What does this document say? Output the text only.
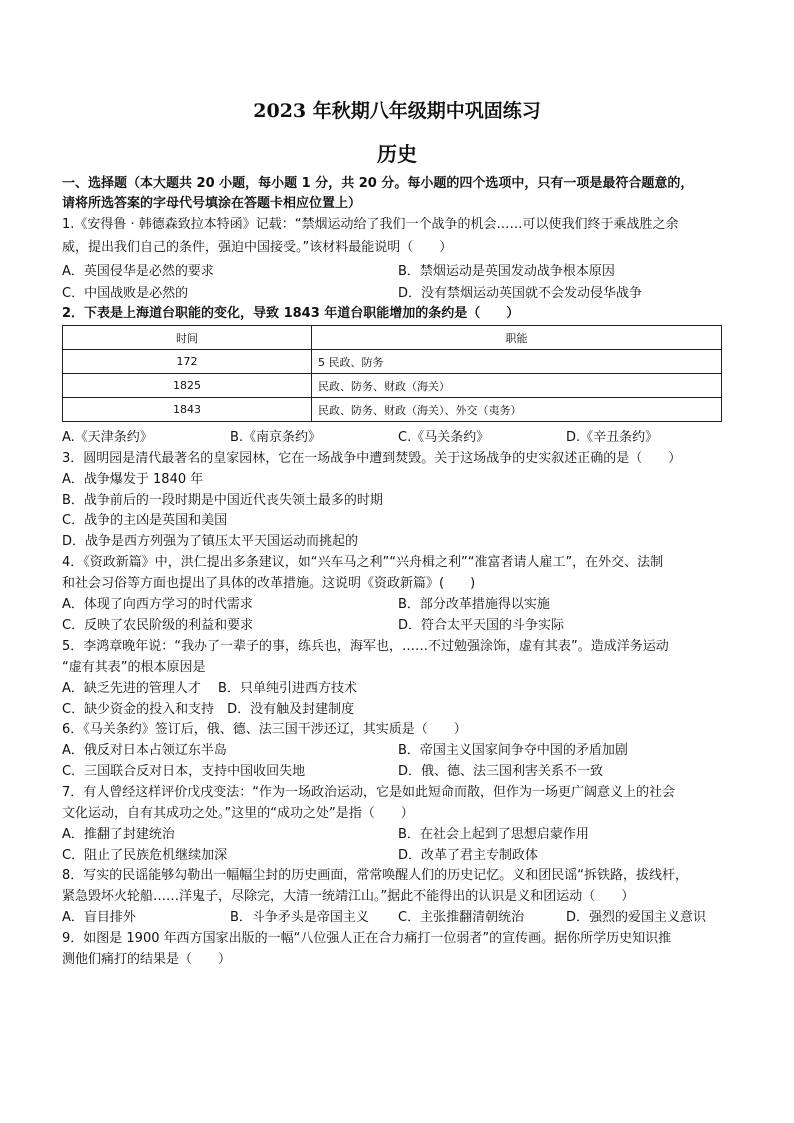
2023 年秋期八年级期中巩固练习
历史
一、选择题（本大题共 20 小题，每小题 1 分，共 20 分。每小题的四个选项中，只有一项是最符合题意的，
请将所选答案的字母代号填涂在答题卡相应位置上）
1.《安得鲁 · 韩德森致拉本特函》记载：“禁烟运动给了我们一个战争的机会……可以使我们终于乘战胜之余
威，提出我们自己的条件，强迫中国接受。”该材料最能说明（　　）
A．英国侵华是必然的要求	B．禁烟运动是英国发动战争根本原因
C．中国战败是必然的	D．没有禁烟运动英国就不会发动侵华战争
2．下表是上海道台职能的变化，导致 1843 年道台职能增加的条约是（　　）
时间	职能
172	5 民政、防务
1825	民政、防务、财政（海关）
1843	民政、防务、财政（海关）、外交（夷务）
A.《天津条约》	B.《南京条约》	C.《马关条约》	D.《辛丑条约》
3．圆明园是清代最著名的皇家园林，它在一场战争中遭到焚毁。关于这场战争的史实叙述正确的是（　　）
A．战争爆发于 1840 年
B．战争前后的一段时期是中国近代丧失领土最多的时期
C．战争的主凶是英国和美国
D．战争是西方列强为了镇压太平天国运动而挑起的
4．《资政新篇》中，洪仁提出多条建议，如“兴车马之利”“兴舟楫之利”“准富者请人雇工”，在外交、法制
和社会习俗等方面也提出了具体的改革措施。这说明《资政新篇》(　　)
A．体现了向西方学习的时代需求	B．部分改革措施得以实施
C．反映了农民阶级的利益和要求	D．符合太平天国的斗争实际
5．李鸿章晚年说：“我办了一辈子的事，练兵也，海军也，……不过勉强涂饰，虚有其表”。造成洋务运动
“虚有其表”的根本原因是
A．缺乏先进的管理人才　 B．只单纯引进西方技术
C．缺少资金的投入和支持　D．没有触及封建制度
6．《马关条约》签订后，俄、德、法三国干涉还辽，其实质是（　　）
A．俄反对日本占领辽东半岛	B．帝国主义国家间争夺中国的矛盾加剧
C．三国联合反对日本，支持中国收回失地	D．俄、德、法三国利害关系不一致
7．有人曾经这样评价戊戌变法：“作为一场政治运动，它是如此短命而散，但作为一场更广阔意义上的社会
文化运动，自有其成功之处。”这里的“成功之处”是指（　　）
A．推翻了封建统治	B．在社会上起到了思想启蒙作用
C．阻止了民族危机继续加深	D．改革了君主专制政体
8．写实的民谣能够勾勒出一幅幅尘封的历史画面，常常唤醒人们的历史记忆。义和团民谣“拆铁路，拔线杆，
紧急毁坏火轮船……洋鬼子，尽除完，大清一统靖江山。”据此不能得出的认识是义和团运动（　　）
A．盲目排外	B．斗争矛头是帝国主义 C．主张推翻清朝统治	D．强烈的爱国主义意识
9．如图是 1900 年西方国家出版的一幅“八位强人正在合力痛打一位弱者”的宣传画。据你所学历史知识推
测他们痛打的结果是（　　）
